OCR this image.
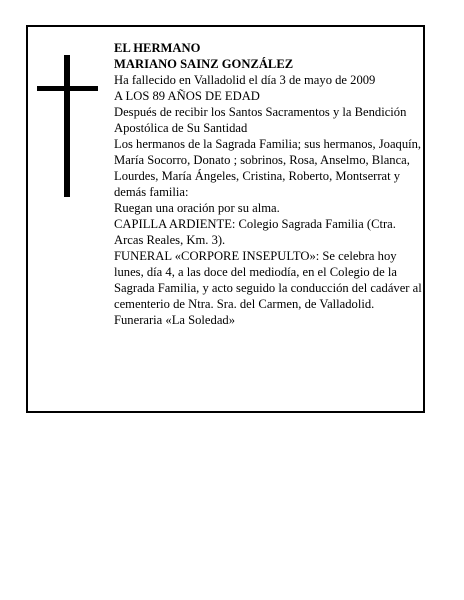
EL HERMANO

MARIANO SAINZ GONZÁLEZ

Ha fallecido en Valladolid el día 3 de mayo de 2009

A LOS 89 AÑOS DE EDAD

Después de recibir los Santos Sacramentos y la Bendición Apostólica de Su Santidad

Los hermanos de la Sagrada Familia; sus hermanos, Joaquín, María Socorro, Donato ; sobrinos, Rosa, Anselmo, Blanca, Lourdes, María Ángeles, Cristina, Roberto, Montserrat y demás familia:

Ruegan una oración por su alma.

CAPILLA ARDIENTE: Colegio Sagrada Familia (Ctra. Arcas Reales, Km. 3).

FUNERAL «CORPORE INSEPULTO»: Se celebra hoy lunes, día 4, a las doce del mediodía, en el Colegio de la Sagrada Familia, y acto seguido la conducción del cadáver al cementerio de Ntra. Sra. del Carmen, de Valladolid.

Funeraria «La Soledad»
